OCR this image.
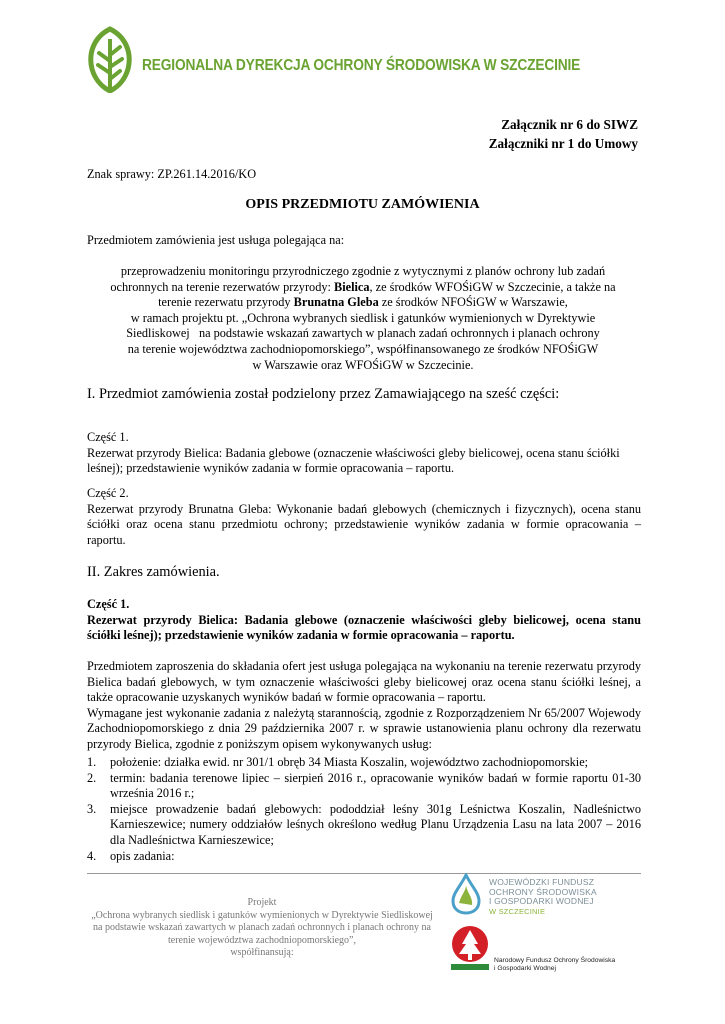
REGIONALNA DYREKCJA OCHRONY ŚRODOWISKA W SZCZECINIE
Załącznik nr 6 do SIWZ
Załączniki nr 1 do Umowy
Znak sprawy: ZP.261.14.2016/KO
OPIS PRZEDMIOTU ZAMÓWIENIA
Przedmiotem zamówienia jest usługa polegająca na:
przeprowadzeniu monitoringu przyrodniczego zgodnie z wytycznymi z planów ochrony lub zadań
ochronnych na terenie rezerwatów przyrody: Bielica, ze środków WFOŚiGW w Szczecinie, a także na
terenie rezerwatu przyrody Brunatna Gleba ze środków NFOŚiGW w Warszawie,
w ramach projektu pt. „Ochrona wybranych siedlisk i gatunków wymienionych w Dyrektywie
Siedliskowej   na podstawie wskazań zawartych w planach zadań ochronnych i planach ochrony
na terenie województwa zachodniopomorskiego”, współfinansowanego ze środków NFOŚiGW
w Warszawie oraz WFOŚiGW w Szczecinie.
I. Przedmiot zamówienia został podzielony przez Zamawiającego na sześć części:
Część 1.
Rezerwat przyrody Bielica: Badania glebowe (oznaczenie właściwości gleby bielicowej, ocena stanu ściółki leśnej); przedstawienie wyników zadania w formie opracowania – raportu.
Część 2.
Rezerwat przyrody Brunatna Gleba: Wykonanie badań glebowych (chemicznych i fizycznych), ocena stanu ściółki oraz ocena stanu przedmiotu ochrony; przedstawienie wyników zadania w formie opracowania – raportu.
II. Zakres zamówienia.
Część 1.
Rezerwat przyrody Bielica: Badania glebowe (oznaczenie właściwości gleby bielicowej, ocena stanu ściółki leśnej); przedstawienie wyników zadania w formie opracowania – raportu.
Przedmiotem zaproszenia do składania ofert jest usługa polegająca na wykonaniu na terenie rezerwatu przyrody Bielica badań glebowych, w tym oznaczenie właściwości gleby bielicowej oraz ocena stanu ściółki leśnej, a także opracowanie uzyskanych wyników badań w formie opracowania – raportu.
Wymagane jest wykonanie zadania z należytą starannością, zgodnie z Rozporządzeniem Nr 65/2007 Wojewody Zachodniopomorskiego z dnia 29 października 2007 r. w sprawie ustanowienia planu ochrony dla rezerwatu przyrody Bielica, zgodnie z poniższym opisem wykonywanych usług:
1.	położenie: działka ewid. nr 301/1 obręb 34 Miasta Koszalin, województwo zachodniopomorskie;
2.	termin: badania terenowe lipiec – sierpień 2016 r., opracowanie wyników badań w formie raportu 01-30 września 2016 r.;
3.	miejsce prowadzenie badań glebowych: pododdział leśny 301g Leśnictwa Koszalin, Nadleśnictwo Karnieszewice; numery oddziałów leśnych określono według Planu Urządzenia Lasu na lata 2007 – 2016 dla Nadleśnictwa Karnieszewice;
4.	opis zadania:
Projekt
„Ochrona wybranych siedlisk i gatunków wymienionych w Dyrektywie Siedliskowej na podstawie wskazań zawartych w planach zadań ochronnych i planach ochrony na terenie województwa zachodniopomorskiego”,
współfinansują:
WOJEWÓDZKI FUNDUSZ
OCHRONY ŚRODOWISKA
I GOSPODARKI WODNEJ
W SZCZECINIE
Narodowy Fundusz Ochrony Środowiska
i Gospodarki Wodnej
